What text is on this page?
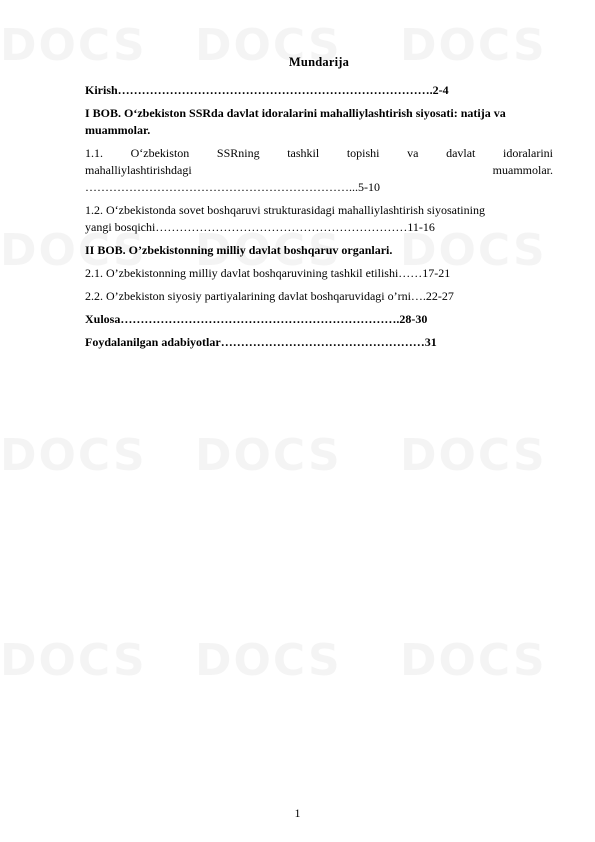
Mundarija
Kirish…………………………………………………………………….2-4
I BOB. O‘zbekiston SSRda davlat idoralarini mahalliylashtirish siyosati: natija va muammolar.
1.1. O‘zbekiston SSRning tashkil topishi va davlat idoralarini
mahalliylashtirishdagi muammolar.
…………………………………………………………...5-10
1.2. O‘zbekistonda sovet boshqaruvi strukturasidagi mahalliylashtirish siyosatining
yangi bosqichi………………………………………………………11-16
II BOB. O’zbekistonning milliy davlat boshqaruv organlari.
2.1. O’zbekistonning milliy davlat boshqaruvining tashkil etilishi……17-21
2.2. O’zbekiston siyosiy partiyalarining davlat boshqaruvidagi o’rni….22-27
Xulosa…………………………………………………………….28-30
Foydalanilgan adabiyotlar……………………………………………31
1
